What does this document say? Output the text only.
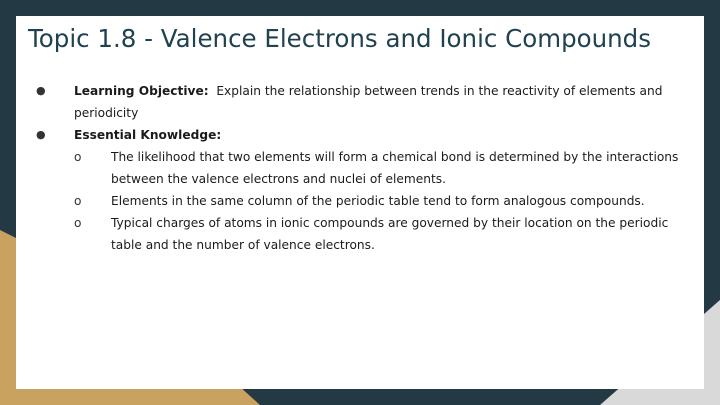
Topic 1.8 - Valence Electrons and Ionic Compounds
●	Learning Objective: Explain the relationship between trends in the reactivity of elements and periodicity
●	Essential Knowledge:
o	The likelihood that two elements will form a chemical bond is determined by the interactions between the valence electrons and nuclei of elements.
o	Elements in the same column of the periodic table tend to form analogous compounds.
o	Typical charges of atoms in ionic compounds are governed by their location on the periodic table and the number of valence electrons.
